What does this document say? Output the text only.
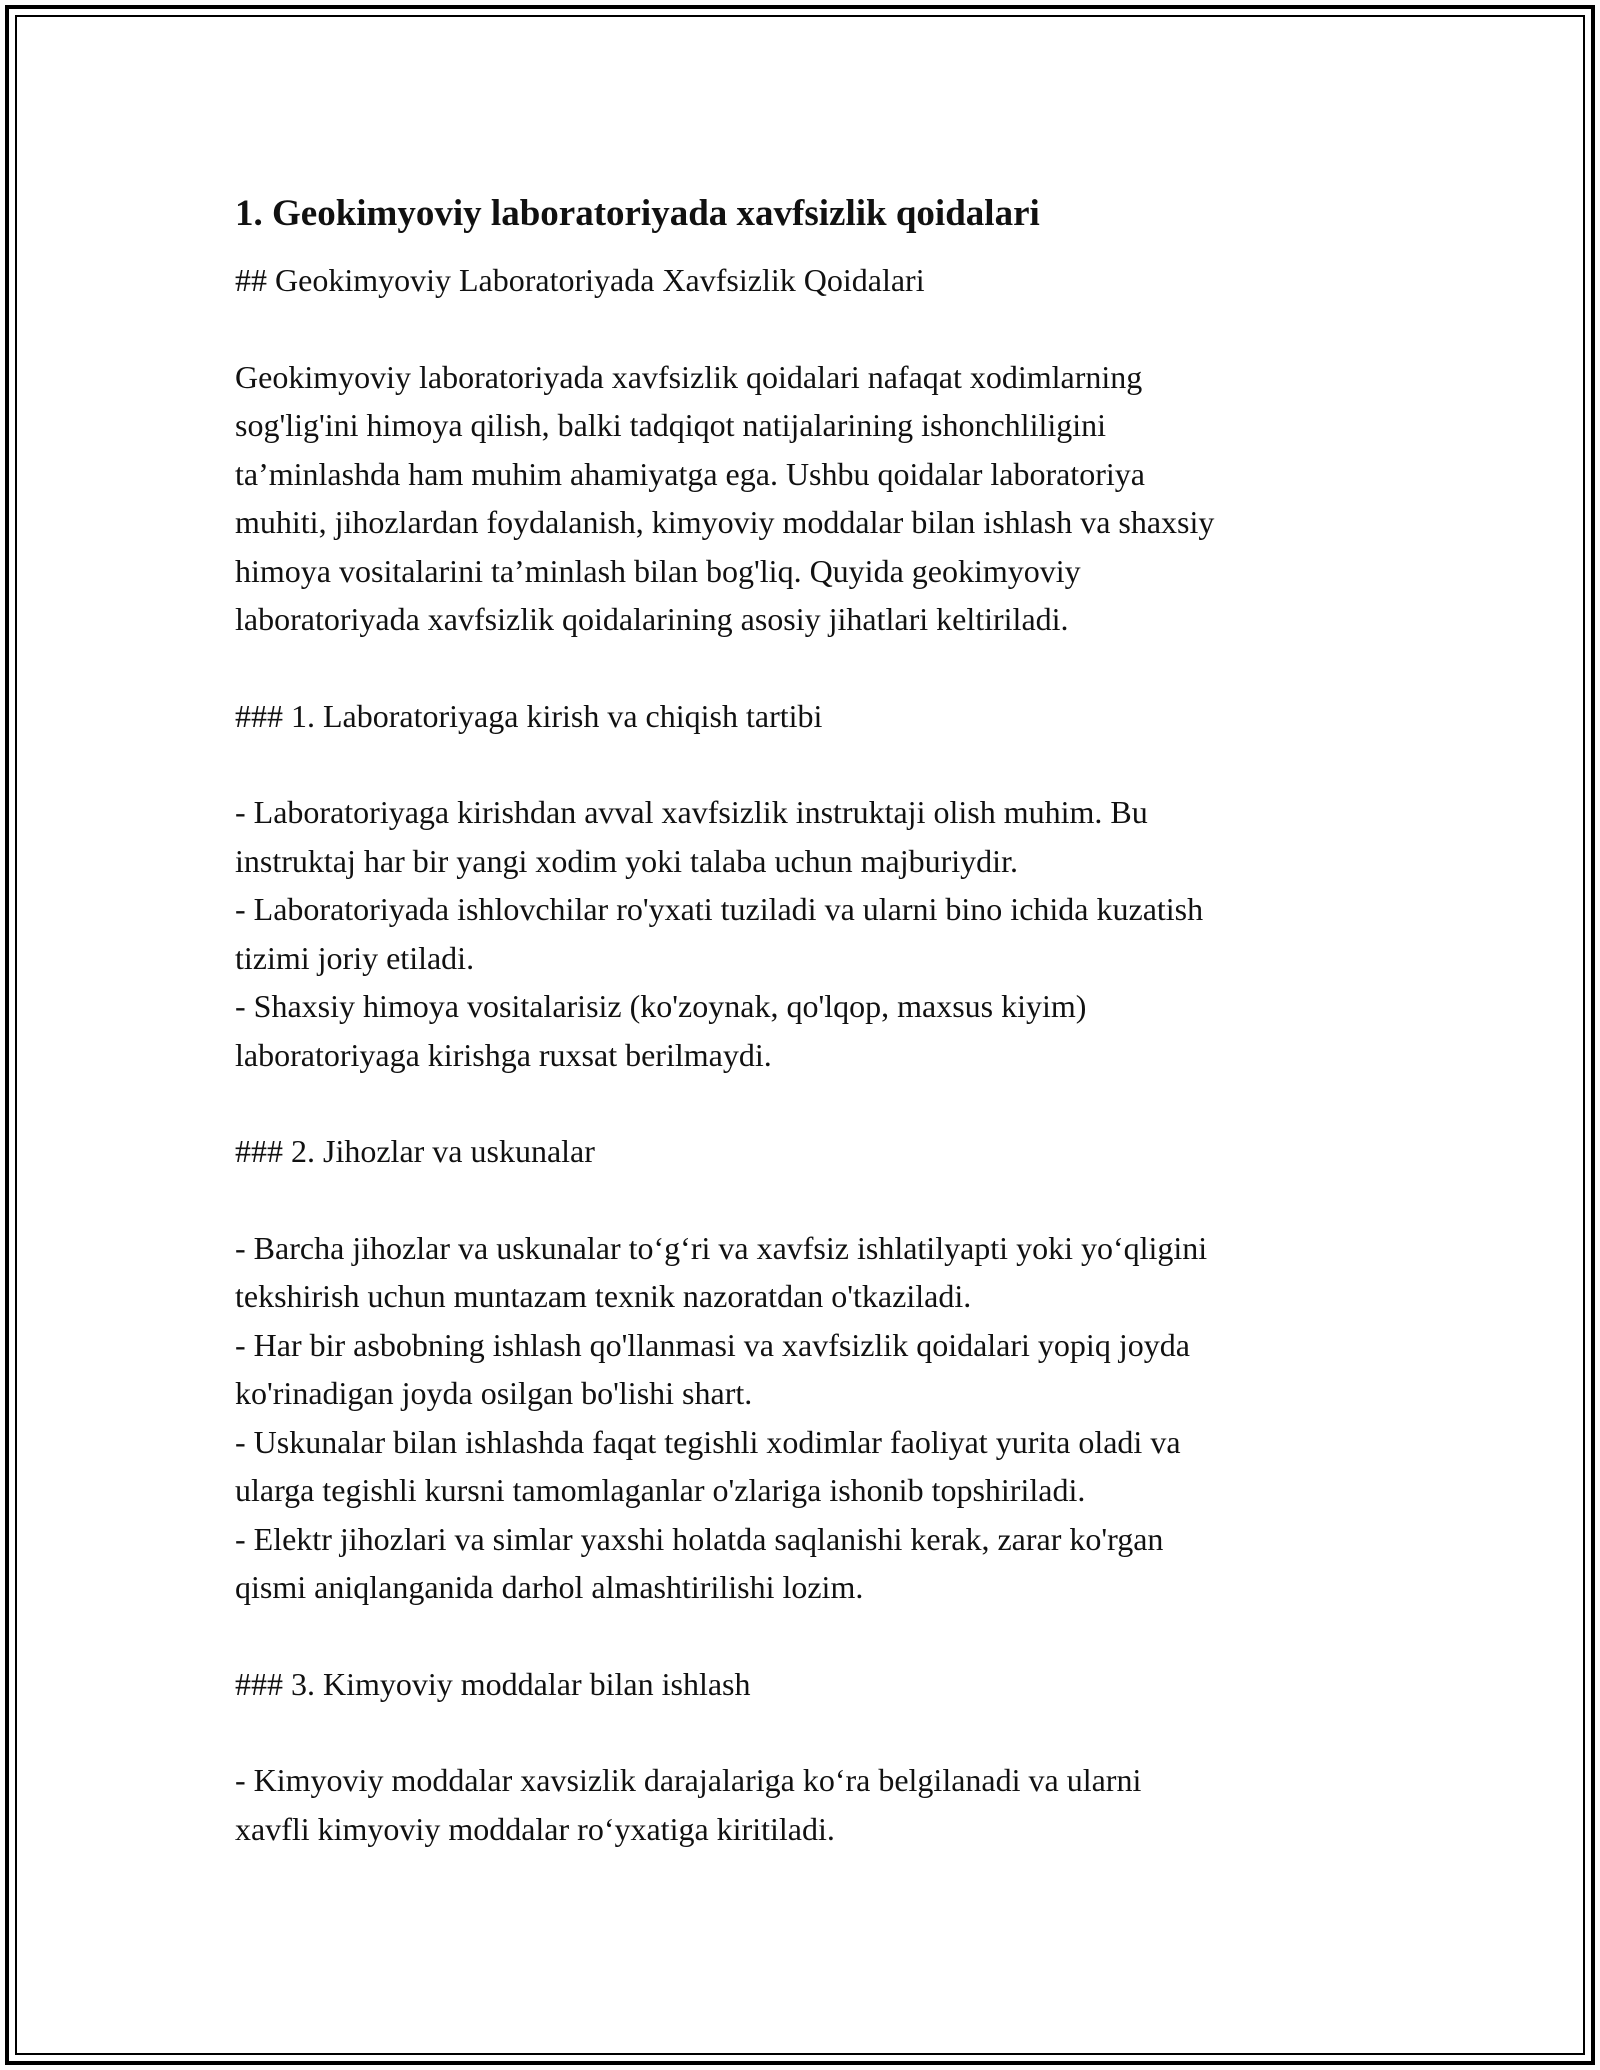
1. Geokimyoviy laboratoriyada xavfsizlik qoidalari

## Geokimyoviy Laboratoriyada Xavfsizlik Qoidalari

Geokimyoviy laboratoriyada xavfsizlik qoidalari nafaqat xodimlarning
sog'lig'ini himoya qilish, balki tadqiqot natijalarining ishonchliligini
ta’minlashda ham muhim ahamiyatga ega. Ushbu qoidalar laboratoriya
muhiti, jihozlardan foydalanish, kimyoviy moddalar bilan ishlash va shaxsiy
himoya vositalarini ta’minlash bilan bog'liq. Quyida geokimyoviy
laboratoriyada xavfsizlik qoidalarining asosiy jihatlari keltiriladi.

### 1. Laboratoriyaga kirish va chiqish tartibi

- Laboratoriyaga kirishdan avval xavfsizlik instruktaji olish muhim. Bu
instruktaj har bir yangi xodim yoki talaba uchun majburiydir.
- Laboratoriyada ishlovchilar ro'yxati tuziladi va ularni bino ichida kuzatish
tizimi joriy etiladi.
- Shaxsiy himoya vositalarisiz (ko'zoynak, qo'lqop, maxsus kiyim)
laboratoriyaga kirishga ruxsat berilmaydi.

### 2. Jihozlar va uskunalar

- Barcha jihozlar va uskunalar to‘g‘ri va xavfsiz ishlatilyapti yoki yo‘qligini
tekshirish uchun muntazam texnik nazoratdan o'tkaziladi.
- Har bir asbobning ishlash qo'llanmasi va xavfsizlik qoidalari yopiq joyda
ko'rinadigan joyda osilgan bo'lishi shart.
- Uskunalar bilan ishlashda faqat tegishli xodimlar faoliyat yurita oladi va
ularga tegishli kursni tamomlaganlar o'zlariga ishonib topshiriladi.
- Elektr jihozlari va simlar yaxshi holatda saqlanishi kerak, zarar ko'rgan
qismi aniqlanganida darhol almashtirilishi lozim.

### 3. Kimyoviy moddalar bilan ishlash

- Kimyoviy moddalar xavsizlik darajalariga ko‘ra belgilanadi va ularni
xavfli kimyoviy moddalar ro‘yxatiga kiritiladi.
